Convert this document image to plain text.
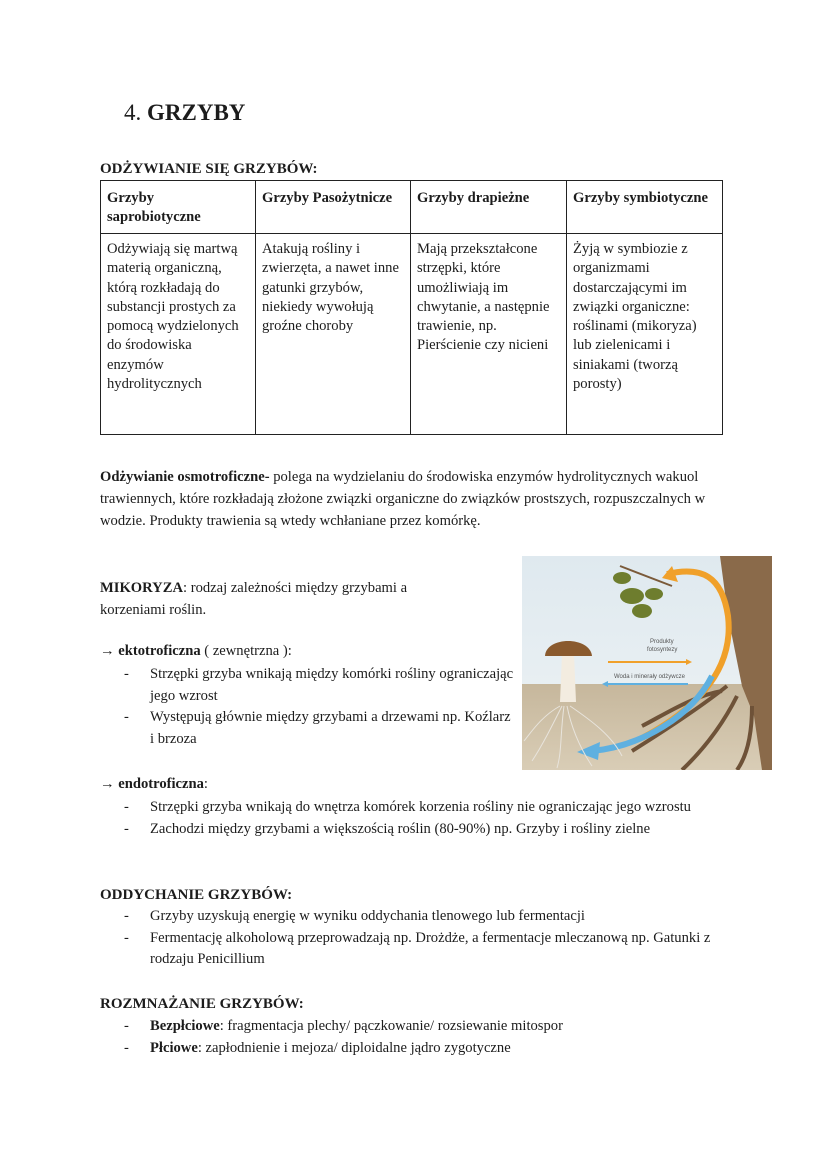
4. GRZYBY
ODŻYWIANIE SIĘ GRZYBÓW:
Grzyby saprobiotyczne	Grzyby Pasożytnicze	Grzyby drapieżne	Grzyby symbiotyczne
Odżywiają się martwą materią organiczną, którą rozkładają do substancji prostych za pomocą wydzielonych do środowiska enzymów hydrolitycznych	Atakują rośliny i zwierzęta, a nawet inne gatunki grzybów, niekiedy wywołują groźne choroby	Mają przekształcone strzępki, które umożliwiają im chwytanie, a następnie trawienie, np. Pierścienie czy nicieni	Żyją w symbiozie z organizmami dostarczającymi im związki organiczne: roślinami (mikoryza) lub zielenicami i siniakami (tworzą porosty)
Odżywianie osmotroficzne- polega na wydzielaniu do środowiska enzymów hydrolitycznych wakuol trawiennych, które rozkładają złożone związki organiczne do związków prostszych, rozpuszczalnych w wodzie. Produkty trawienia są wtedy wchłaniane przez komórkę.
MIKORYZA: rodzaj zależności między grzybami a korzeniami roślin.
→ ektotroficzna ( zewnętrzna ):
- Strzępki grzyba wnikają między komórki rośliny ograniczając jego wzrost
- Występują głównie między grzybami a drzewami np. Koźlarz i brzoza
Produkty
fotosyntezy
Woda i minerały odżywcze
→ endotroficzna:
- Strzępki grzyba wnikają do wnętrza komórek korzenia rośliny nie ograniczając jego wzrostu
- Zachodzi między grzybami a większością roślin (80-90%) np. Grzyby i rośliny zielne
ODDYCHANIE GRZYBÓW:
- Grzyby uzyskują energię w wyniku oddychania tlenowego lub fermentacji
- Fermentację alkoholową przeprowadzają np. Drożdże, a fermentacje mleczanową np. Gatunki z rodzaju Penicillium
ROZMNAŻANIE GRZYBÓW:
- Bezpłciowe: fragmentacja plechy/ pączkowanie/ rozsiewanie mitospor
- Płciowe: zapłodnienie i mejoza/ diploidalne jądro zygotyczne
